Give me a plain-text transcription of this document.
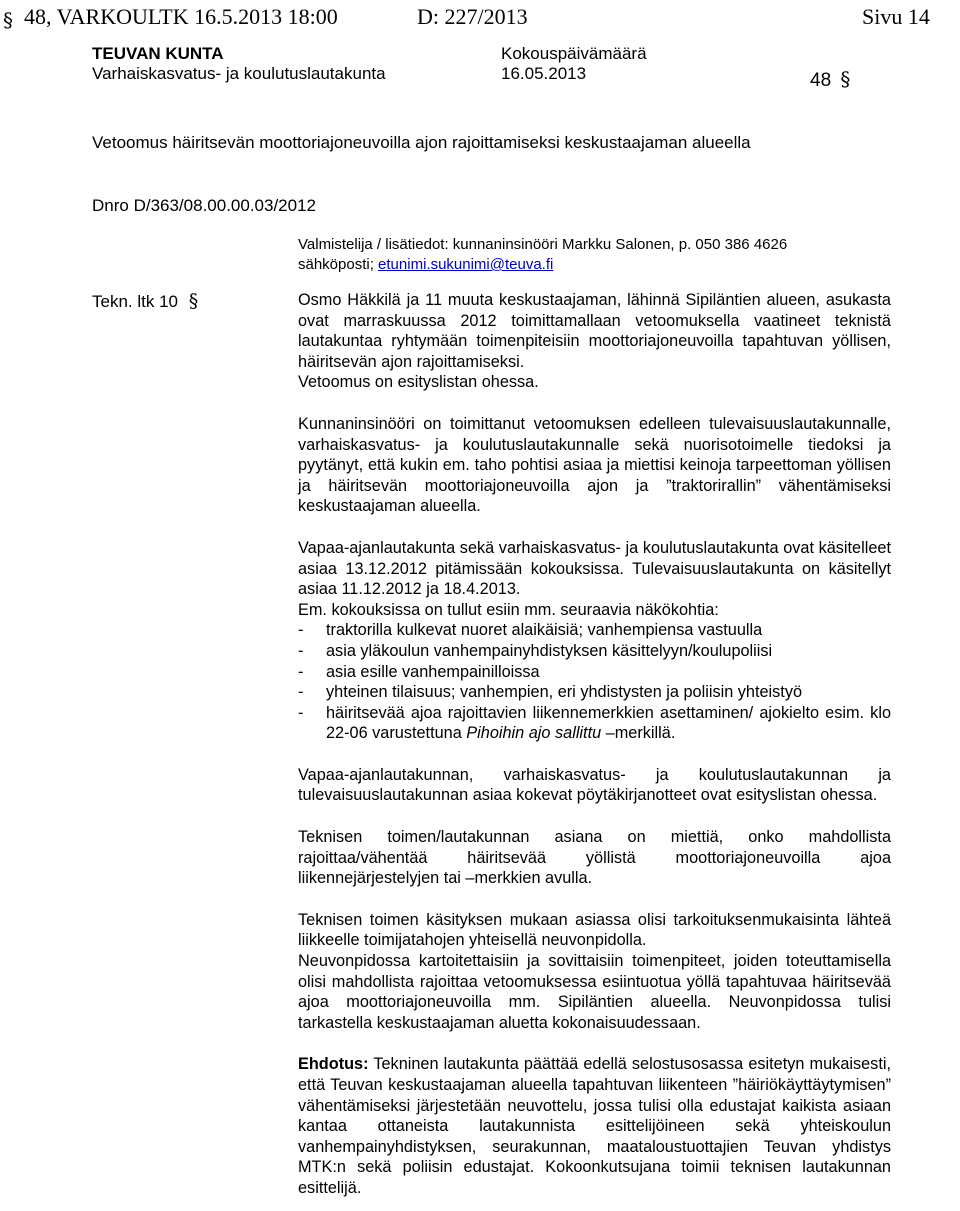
§ 48, VARKOULTK 16.5.2013 18:00	D: 227/2013	Sivu 14
TEUVAN KUNTA
Varhaiskasvatus- ja koulutuslautakunta
Kokouspäivämäärä
16.05.2013	48 §
Vetoomus häiritsevän moottoriajoneuvoilla ajon rajoittamiseksi keskustaajaman alueella
Dnro D/363/08.00.00.03/2012
Valmistelija / lisätiedot: kunnaninsinööri Markku Salonen, p. 050 386 4626
sähköposti; etunimi.sukunimi@teuva.fi
Tekn. ltk 10 §	Osmo Häkkilä ja 11 muuta keskustaajaman, lähinnä Sipiläntien alueen, asukasta ovat marraskuussa 2012 toimittamallaan vetoomuksella vaatineet teknistä lautakuntaa ryhtymään toimenpiteisiin moottoriajoneuvoilla tapahtuvan yöllisen, häiritsevän ajon rajoittamiseksi.
Vetoomus on esityslistan ohessa.
Kunnaninsinööri on toimittanut vetoomuksen edelleen tulevaisuuslautakunnalle, varhaiskasvatus- ja koulutuslautakunnalle sekä nuorisotoimelle tiedoksi ja pyytänyt, että kukin em. taho pohtisi asiaa ja miettisi keinoja tarpeettoman yöllisen ja häiritsevän moottoriajoneuvoilla ajon ja ”traktorirallin” vähentämiseksi keskustaajaman alueella.
Vapaa-ajanlautakunta sekä varhaiskasvatus- ja koulutuslautakunta ovat käsitelleet asiaa 13.12.2012 pitämissään kokouksissa. Tulevaisuuslautakunta on käsitellyt asiaa 11.12.2012 ja 18.4.2013.
Em. kokouksissa on tullut esiin mm. seuraavia näkökohtia:
-	traktorilla kulkevat nuoret alaikäisiä; vanhempiensa vastuulla
-	asia yläkoulun vanhempainyhdistyksen käsittelyyn/koulupoliisi
-	asia esille vanhempainilloissa
-	yhteinen tilaisuus; vanhempien, eri yhdistysten ja poliisin yhteistyö
-	häiritsevää ajoa rajoittavien liikennemerkkien asettaminen/ ajokielto esim. klo 22-06 varustettuna Pihoihin ajo sallittu –merkillä.
Vapaa-ajanlautakunnan, varhaiskasvatus- ja koulutuslautakunnan ja tulevaisuuslautakunnan asiaa kokevat pöytäkirjanotteet ovat esityslistan ohessa.
Teknisen toimen/lautakunnan asiana on miettiä, onko mahdollista rajoittaa/vähentää häiritsevää yöllistä moottoriajoneuvoilla ajoa liikennejärjestelyjen tai –merkkien avulla.
Teknisen toimen käsityksen mukaan asiassa olisi tarkoituksenmukaisinta lähteä liikkeelle toimijatahojen yhteisellä neuvonpidolla.
Neuvonpidossa kartoitettaisiin ja sovittaisiin toimenpiteet, joiden toteuttamisella olisi mahdollista rajoittaa vetoomuksessa esiintuotua yöllä tapahtuvaa häiritsevää ajoa moottoriajoneuvoilla mm. Sipiläntien alueella. Neuvonpidossa tulisi tarkastella keskustaajaman aluetta kokonaisuudessaan.
Ehdotus: Tekninen lautakunta päättää edellä selostusosassa esitetyn mukaisesti, että Teuvan keskustaajaman alueella tapahtuvan liikenteen ”häiriökäyttäytymisen” vähentämiseksi järjestetään neuvottelu, jossa tulisi olla edustajat kaikista asiaan kantaa ottaneista lautakunnista esittelijöineen sekä yhteiskoulun vanhempainyhdistyksen, seurakunnan, maataloustuottajien Teuvan yhdistys MTK:n sekä poliisin edustajat. Kokoonkutsujana toimii teknisen lautakunnan esittelijä.
